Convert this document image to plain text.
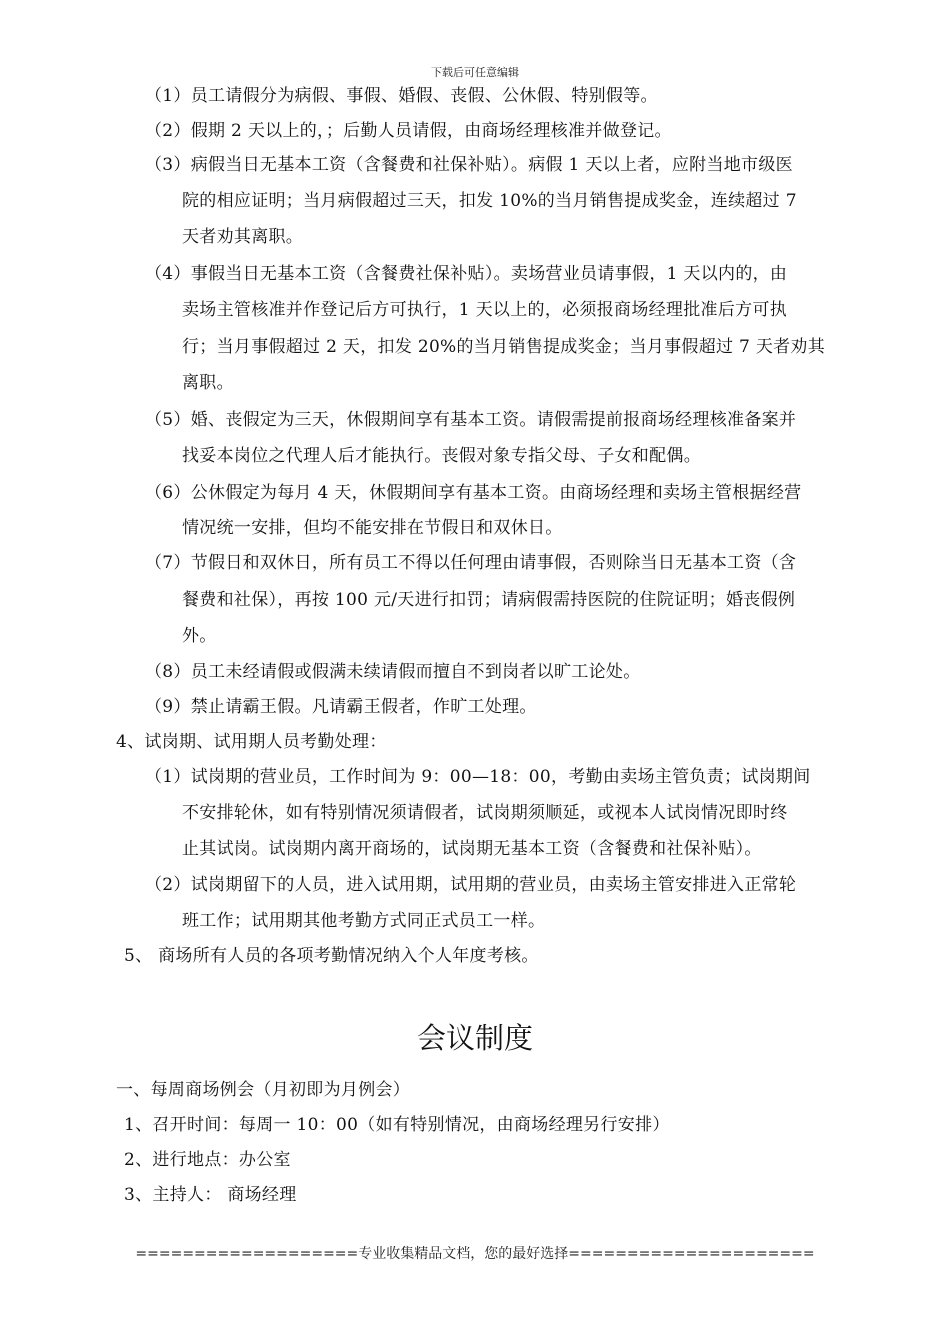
下载后可任意编辑
（1）员工请假分为病假、事假、婚假、丧假、公休假、特别假等。
（2）假期 2 天以上的，；后勤人员请假，由商场经理核准并做登记。
（3）病假当日无基本工资（含餐费和社保补贴）。病假 1 天以上者，应附当地市级医
院的相应证明；当月病假超过三天，扣发 10%的当月销售提成奖金，连续超过 7
天者劝其离职。
（4）事假当日无基本工资（含餐费社保补贴）。卖场营业员请事假，1 天以内的，由
卖场主管核准并作登记后方可执行，1 天以上的，必须报商场经理批准后方可执
行；当月事假超过 2 天，扣发 20%的当月销售提成奖金；当月事假超过 7 天者劝其
离职。
（5）婚、丧假定为三天，休假期间享有基本工资。请假需提前报商场经理核准备案并
找妥本岗位之代理人后才能执行。丧假对象专指父母、子女和配偶。
（6）公休假定为每月 4 天，休假期间享有基本工资。由商场经理和卖场主管根据经营
情况统一安排，但均不能安排在节假日和双休日。
（7）节假日和双休日，所有员工不得以任何理由请事假，否则除当日无基本工资（含
餐费和社保），再按 100 元/天进行扣罚；请病假需持医院的住院证明；婚丧假例
外。
（8）员工未经请假或假满未续请假而擅自不到岗者以旷工论处。
（9）禁止请霸王假。凡请霸王假者，作旷工处理。
4、试岗期、试用期人员考勤处理：
（1）试岗期的营业员，工作时间为 9：00—18：00，考勤由卖场主管负责；试岗期间
不安排轮休，如有特别情况须请假者，试岗期须顺延，或视本人试岗情况即时终
止其试岗。试岗期内离开商场的，试岗期无基本工资（含餐费和社保补贴）。
（2）试岗期留下的人员，进入试用期，试用期的营业员，由卖场主管安排进入正常轮
班工作；试用期其他考勤方式同正式员工一样。
5、 商场所有人员的各项考勤情况纳入个人年度考核。
会议制度
一、每周商场例会（月初即为月例会）
1、召开时间：每周一 10：00（如有特别情况，由商场经理另行安排）
2、进行地点：办公室
3、主持人： 商场经理
===================专业收集精品文档，您的最好选择=====================
